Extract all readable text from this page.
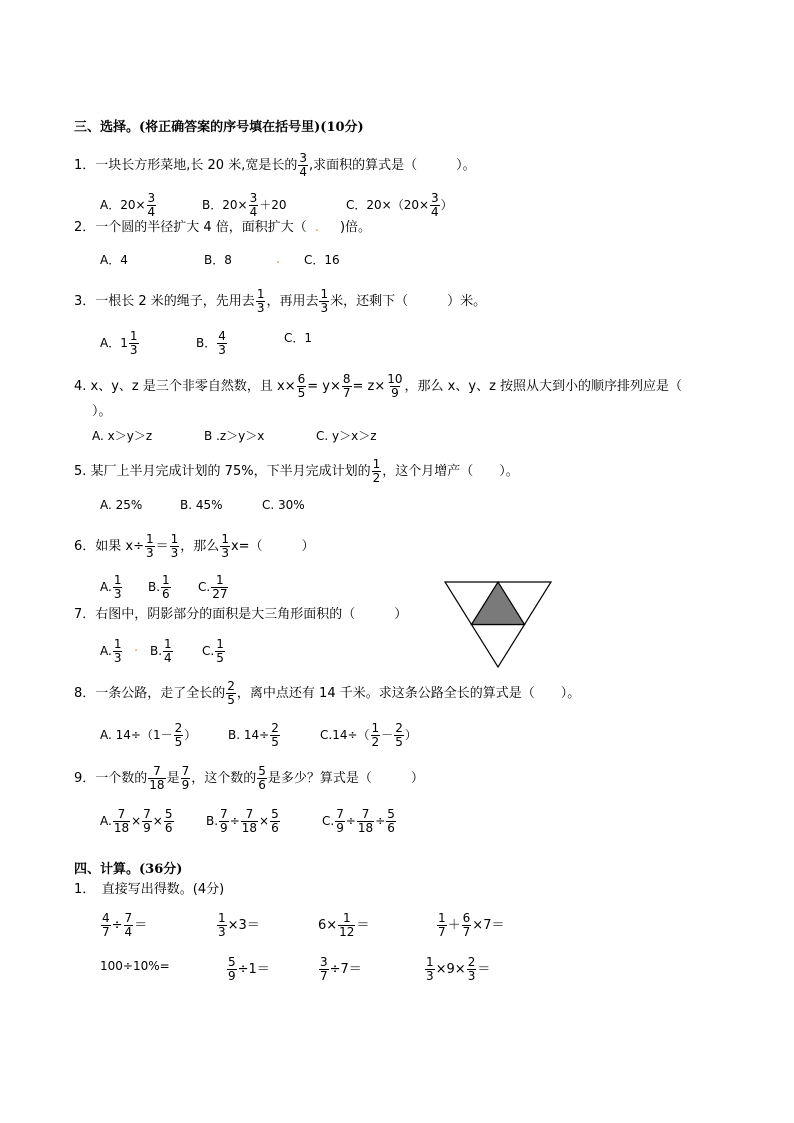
三、选择。(将正确答案的序号填在括号里)(10分)
1．一块长方形菜地,长 20 米,宽是长的 $\frac{3}{4}$ ,求面积的算式是（　　　）。
A．$20\times \frac{3}{4}$	B．$20\times \frac{3}{4} +20$	C．$20\times(20\times \frac{3}{4}$ ）
2．一个圆的半径扩大 4 倍，面积扩大（ .　)倍。
A．4	B．8	. C．16
3．一根长 2 米的绳子，先用去 $\frac{1}{3}$ ，再用去 $\frac{1}{3}$ 米，还剩下（　　　）米。
A．$1 \frac{1}{3}$	B． $\frac{4}{3}$	C．1
4. x、y、z 是三个非零自然数，且 $x\times \frac{6}{5} = y\times \frac{8}{7} = z\times \frac{10}{9}$ ，那么 x、y、z 按照从大到小的顺序排列应是（
）。
A. x＞y＞z	B .z＞y＞x	C. y＞x＞z
5. 某厂上半月完成计划的 75%，下半月完成计划的 $\frac{1}{2}$ ，这个月增产（　　）。
A. 25%	B. 45%	C. 30%
6．如果 $x\div \frac{1}{3} = \frac{1}{3}$ ，那么 $\frac{1}{3} x=$（　　　）
A. $\frac{1}{3} B$. $\frac{1}{6} C$. $\frac{1}{27}$
7．右图中，阴影部分的面积是大三角形面积的（　　　）
A. $\frac{1}{3}$ . B. $\frac{1}{4} C$. $\frac{1}{5}$
8．一条公路，走了全长的 $\frac{2}{5}$ ，离中点还有 14 千米。求这条公路全长的算式是（　　）。
A. $14\div(1- \frac{2}{5}$ ）	B. $14\div \frac{2}{5}$	$C.14\div( \frac{1}{2} - \frac{2}{5}$ ）
9．一个数的 $\frac{7}{18}$ 是 $\frac{7}{9}$ ，这个数的 $\frac{5}{6}$ 是多少？算式是（　　　）
A. $\frac{7}{18} \times \frac{7}{9} \times \frac{5}{6}$	B. $\frac{7}{9} \div \frac{7}{18} \times \frac{5}{6}$	C. $\frac{7}{9} \div \frac{7}{18} \div \frac{5}{6}$
四、计算。(36分)
1．　直接写出得数。(4分)
$\frac{4}{7} \div \frac{7}{4}$ ＝	$\frac{1}{3} \times 3=$	$6\times \frac{1}{12}$ ＝	$\frac{1}{7} + \frac{6}{7} \times 7=$
100÷10%=	$\frac{5}{9} \div 1=$	$\frac{3}{7} \div 7=$	$\frac{1}{3} \times 9\times \frac{2}{3}$ ＝
